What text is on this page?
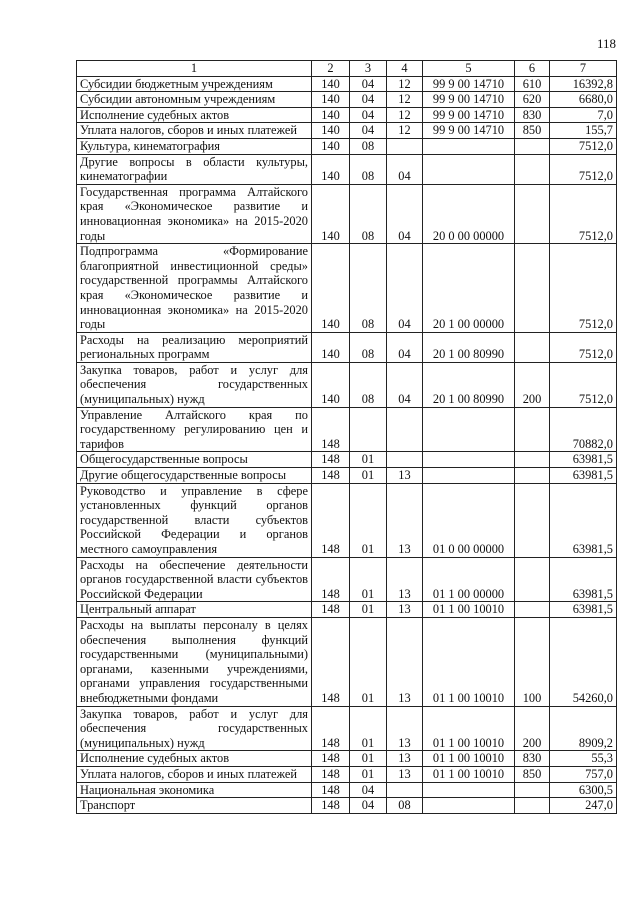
118
1	2	3	4	5	6	7
Субсидии бюджетным учреждениям	140	04	12	99 9 00 14710	610	16392,8
Субсидии автономным учреждениям	140	04	12	99 9 00 14710	620	6680,0
Исполнение судебных актов	140	04	12	99 9 00 14710	830	7,0
Уплата налогов, сборов и иных платежей	140	04	12	99 9 00 14710	850	155,7
Культура, кинематография	140	08				7512,0
Другие вопросы в области культуры, кинематографии	140	08	04			7512,0
Государственная программа Алтайского края «Экономическое развитие и инновационная экономика» на 2015-2020 годы	140	08	04	20 0 00 00000		7512,0
Подпрограмма «Формирование благоприятной инвестиционной среды» государственной программы Алтайского края «Экономическое развитие и инновационная экономика» на 2015-2020 годы	140	08	04	20 1 00 00000		7512,0
Расходы на реализацию мероприятий региональных программ	140	08	04	20 1 00 80990		7512,0
Закупка товаров, работ и услуг для обеспечения государственных (муниципальных) нужд	140	08	04	20 1 00 80990	200	7512,0
Управление Алтайского края по государственному регулированию цен и тарифов	148					70882,0
Общегосударственные вопросы	148	01				63981,5
Другие общегосударственные вопросы	148	01	13			63981,5
Руководство и управление в сфере установленных функций органов государственной власти субъектов Российской Федерации и органов местного самоуправления	148	01	13	01 0 00 00000		63981,5
Расходы на обеспечение деятельности органов государственной власти субъектов Российской Федерации	148	01	13	01 1 00 00000		63981,5
Центральный аппарат	148	01	13	01 1 00 10010		63981,5
Расходы на выплаты персоналу в целях обеспечения выполнения функций государственными (муниципальными) органами, казенными учреждениями, органами управления государственными внебюджетными фондами	148	01	13	01 1 00 10010	100	54260,0
Закупка товаров, работ и услуг для обеспечения государственных (муниципальных) нужд	148	01	13	01 1 00 10010	200	8909,2
Исполнение судебных актов	148	01	13	01 1 00 10010	830	55,3
Уплата налогов, сборов и иных платежей	148	01	13	01 1 00 10010	850	757,0
Национальная экономика	148	04				6300,5
Транспорт	148	04	08			247,0
